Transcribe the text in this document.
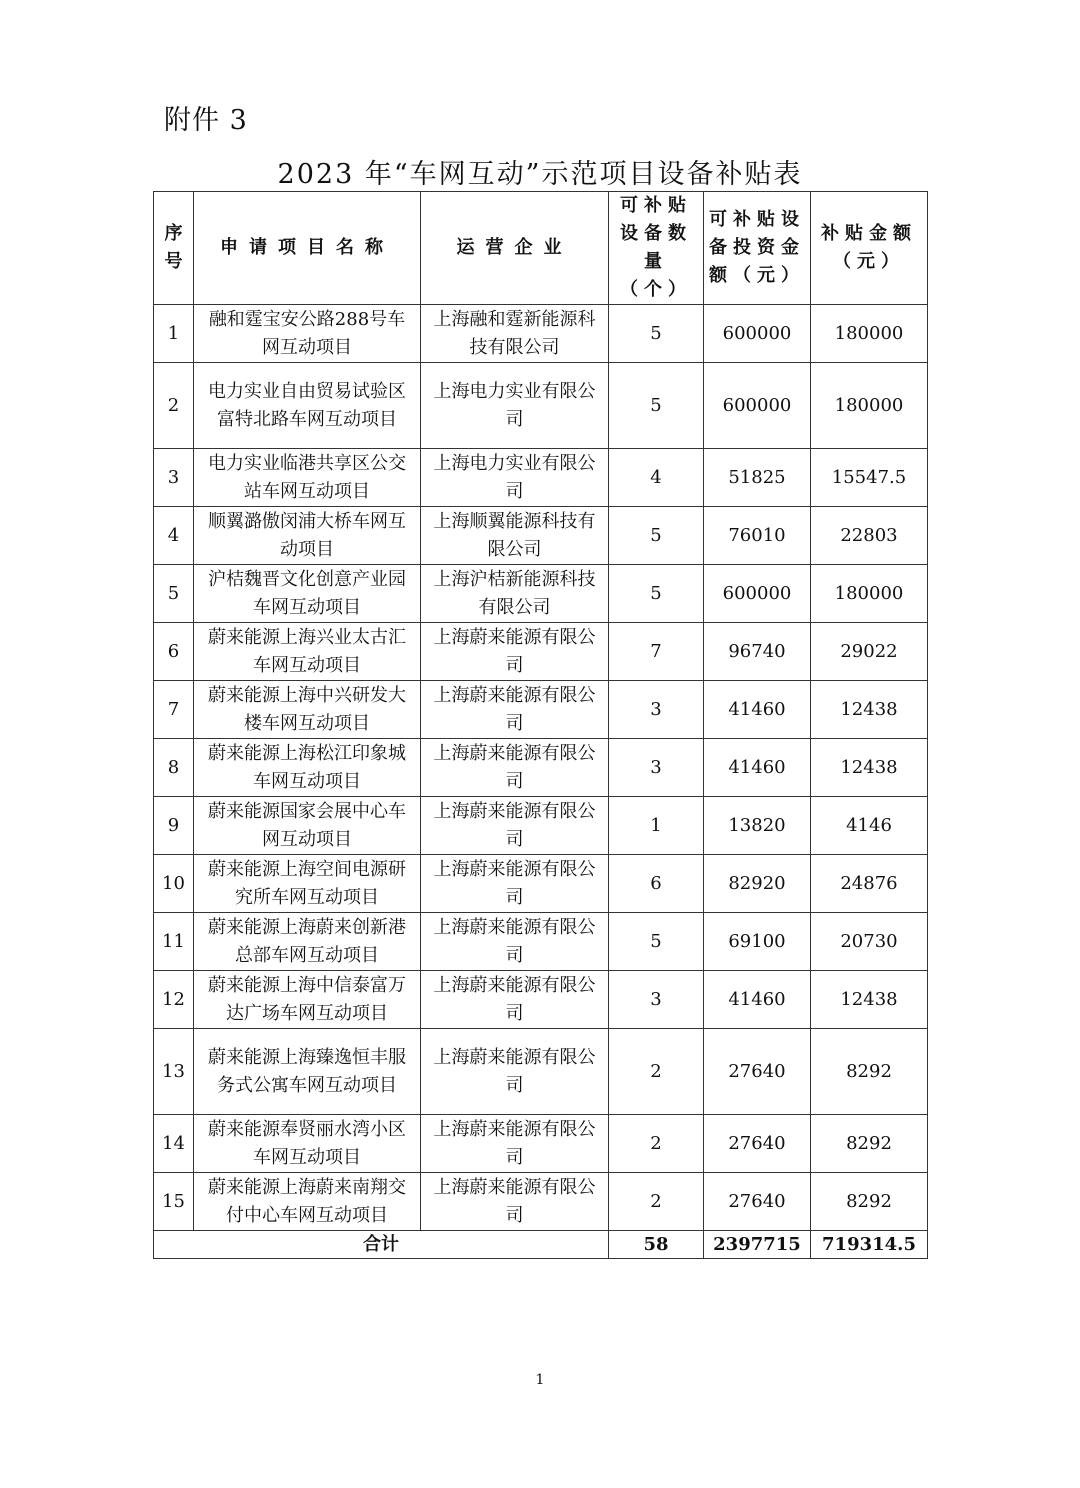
附件 3
2023 年“车网互动”示范项目设备补贴表
序号	申请项目名称	运营企业	可补贴设备数量（个）	可补贴设备投资金额（元）	补贴金额（元）
1	融和霆宝安公路288号车网互动项目	上海融和霆新能源科技有限公司	5	600000	180000
2	电力实业自由贸易试验区富特北路车网互动项目	上海电力实业有限公司	5	600000	180000
3	电力实业临港共享区公交站车网互动项目	上海电力实业有限公司	4	51825	15547.5
4	顺翼潞傲闵浦大桥车网互动项目	上海顺翼能源科技有限公司	5	76010	22803
5	沪桔魏晋文化创意产业园车网互动项目	上海沪桔新能源科技有限公司	5	600000	180000
6	蔚来能源上海兴业太古汇车网互动项目	上海蔚来能源有限公司	7	96740	29022
7	蔚来能源上海中兴研发大楼车网互动项目	上海蔚来能源有限公司	3	41460	12438
8	蔚来能源上海松江印象城车网互动项目	上海蔚来能源有限公司	3	41460	12438
9	蔚来能源国家会展中心车网互动项目	上海蔚来能源有限公司	1	13820	4146
10	蔚来能源上海空间电源研究所车网互动项目	上海蔚来能源有限公司	6	82920	24876
11	蔚来能源上海蔚来创新港总部车网互动项目	上海蔚来能源有限公司	5	69100	20730
12	蔚来能源上海中信泰富万达广场车网互动项目	上海蔚来能源有限公司	3	41460	12438
13	蔚来能源上海臻逸恒丰服务式公寓车网互动项目	上海蔚来能源有限公司	2	27640	8292
14	蔚来能源奉贤丽水湾小区车网互动项目	上海蔚来能源有限公司	2	27640	8292
15	蔚来能源上海蔚来南翔交付中心车网互动项目	上海蔚来能源有限公司	2	27640	8292
合计			58	2397715	719314.5
1
